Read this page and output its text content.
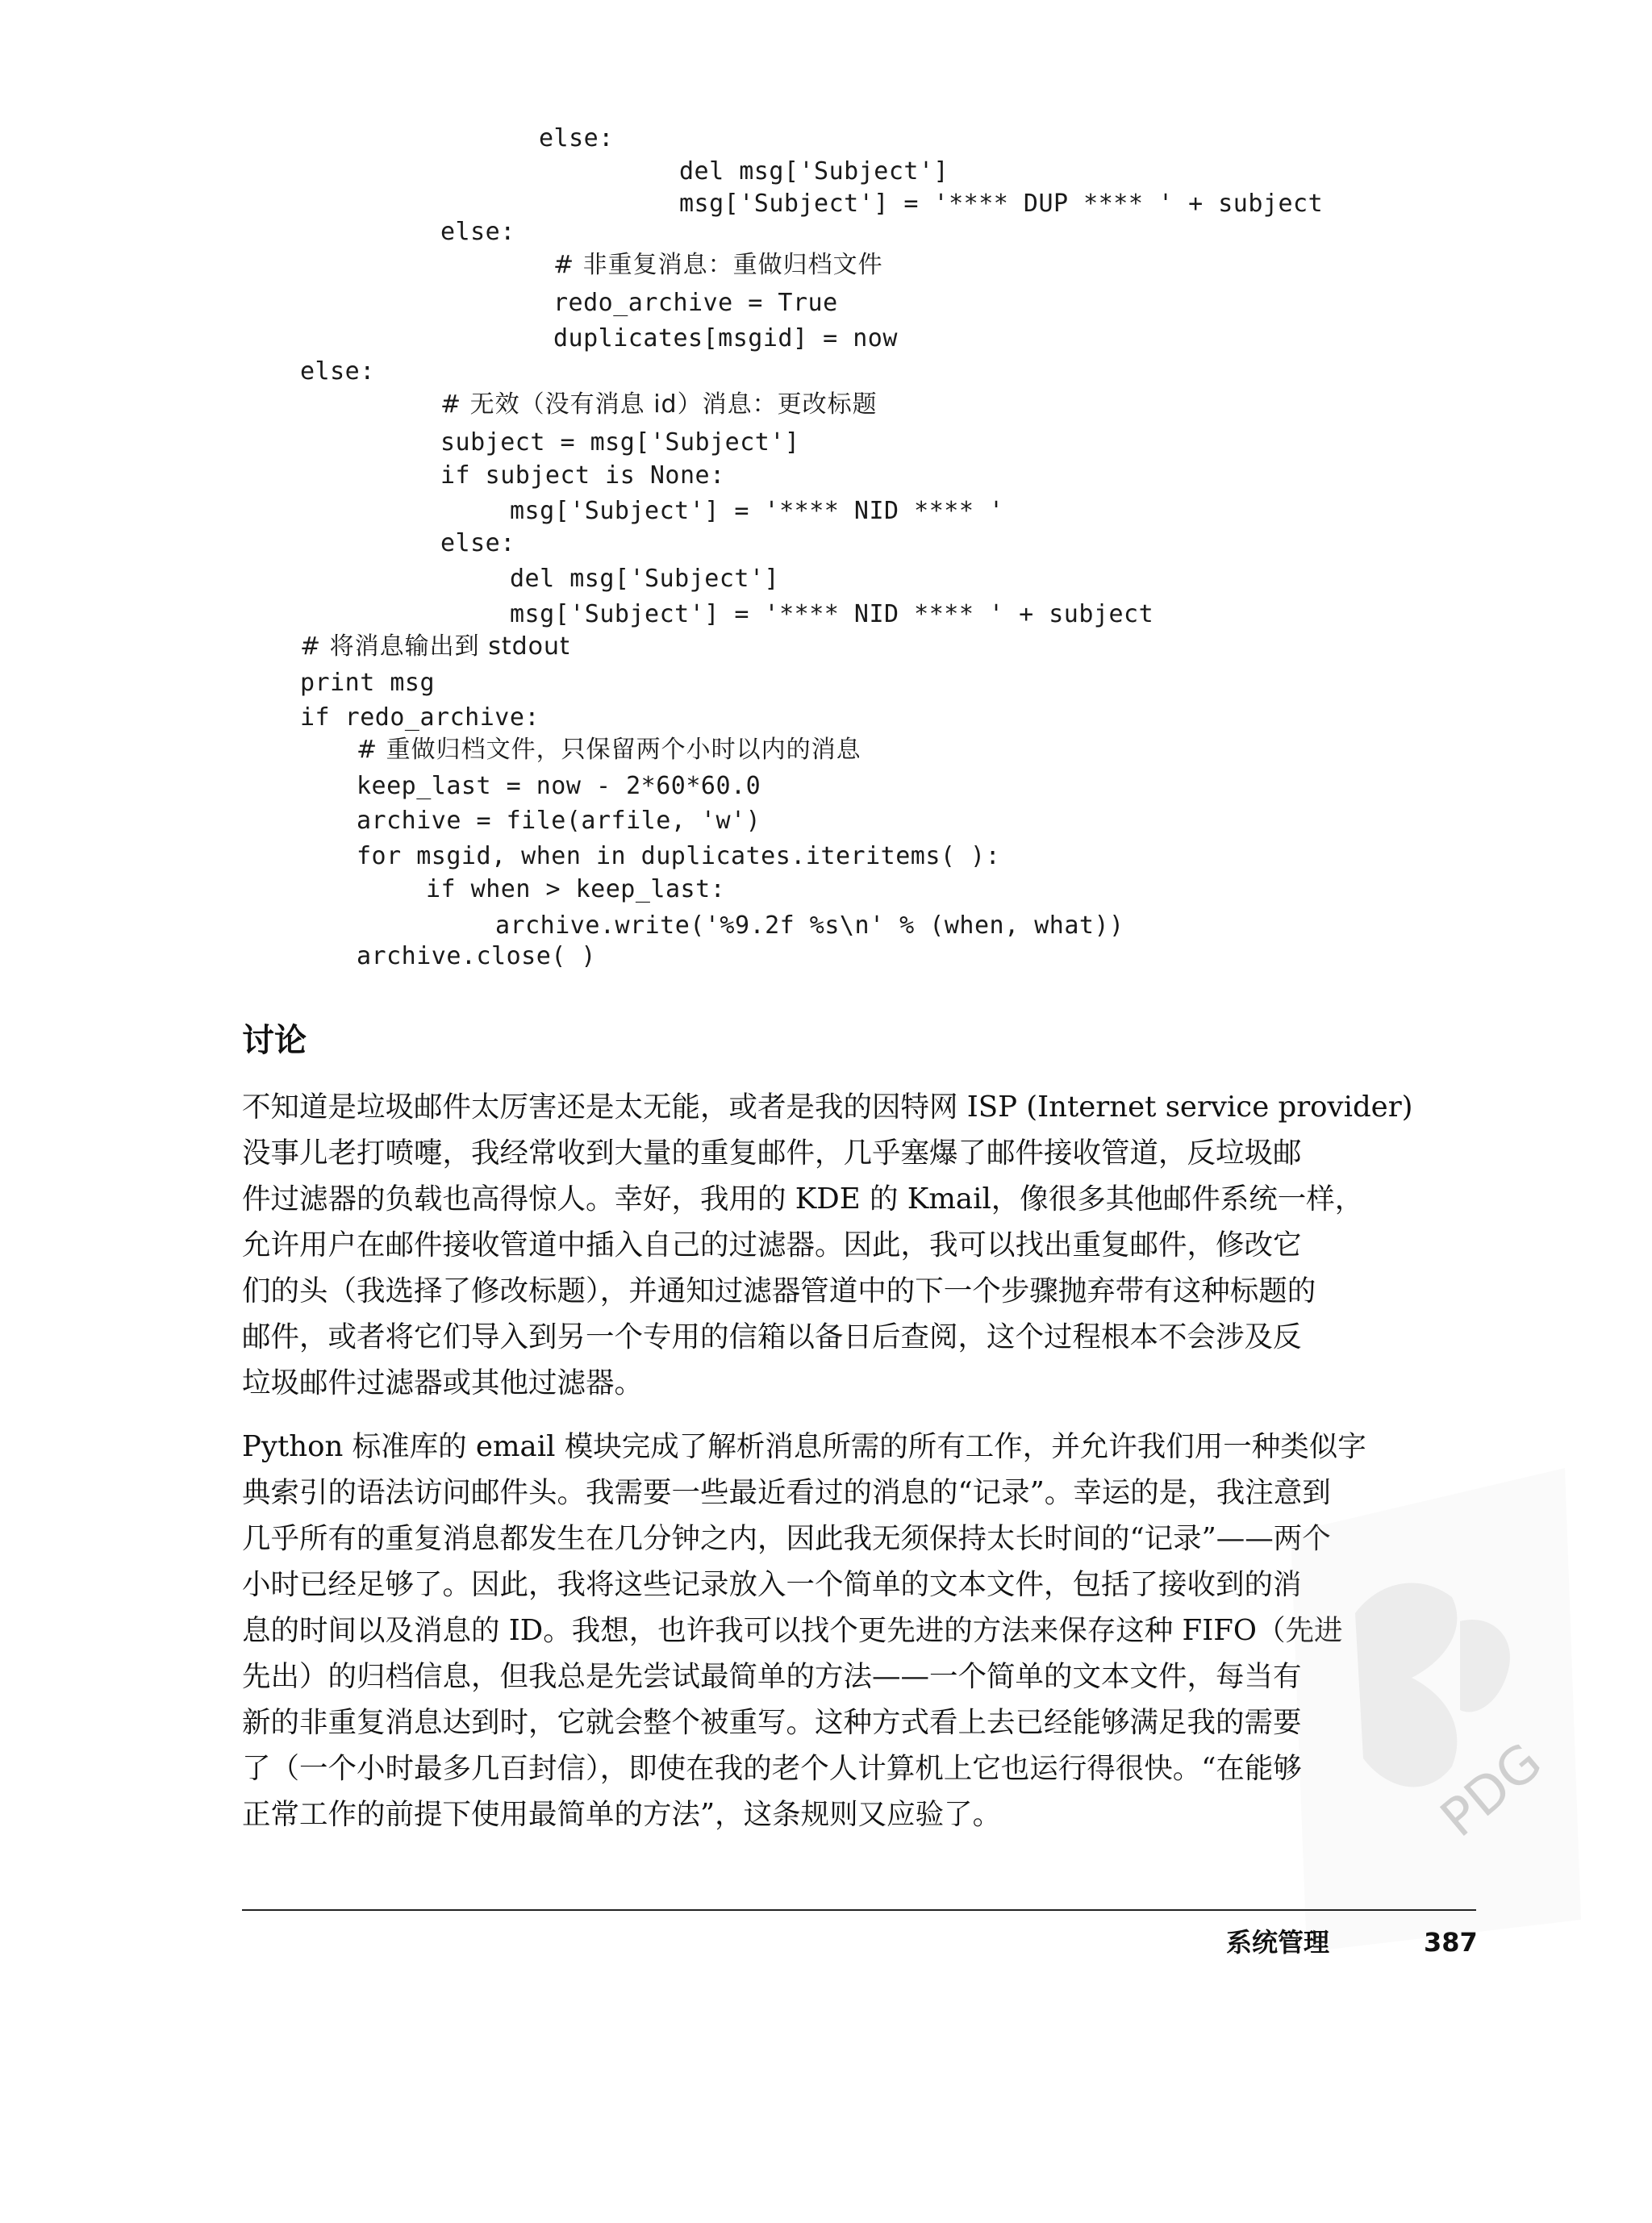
else:
del msg['Subject']
msg['Subject'] = '**** DUP **** ' + subject
else:
# 非重复消息：重做归档文件
redo_archive = True
duplicates[msgid] = now
else:
# 无效（没有消息 id）消息：更改标题
subject = msg['Subject']
if subject is None:
msg['Subject'] = '**** NID **** '
else:
del msg['Subject']
msg['Subject'] = '**** NID **** ' + subject
# 将消息输出到 stdout
print msg
if redo_archive:
# 重做归档文件，只保留两个小时以内的消息
keep_last = now - 2*60*60.0
archive = file(arfile, 'w')
for msgid, when in duplicates.iteritems( ):
if when > keep_last:
archive.write('%9.2f %s\n' % (when, what))
archive.close( )
讨论
不知道是垃圾邮件太厉害还是太无能，或者是我的因特网 ISP (Internet service provider)
没事儿老打喷嚏，我经常收到大量的重复邮件，几乎塞爆了邮件接收管道，反垃圾邮
件过滤器的负载也高得惊人。幸好，我用的 KDE 的 Kmail，像很多其他邮件系统一样，
允许用户在邮件接收管道中插入自己的过滤器。因此，我可以找出重复邮件，修改它
们的头（我选择了修改标题），并通知过滤器管道中的下一个步骤抛弃带有这种标题的
邮件，或者将它们导入到另一个专用的信箱以备日后查阅，这个过程根本不会涉及反
垃圾邮件过滤器或其他过滤器。
Python 标准库的 email 模块完成了解析消息所需的所有工作，并允许我们用一种类似字
典索引的语法访问邮件头。我需要一些最近看过的消息的“记录”。幸运的是，我注意到
几乎所有的重复消息都发生在几分钟之内，因此我无须保持太长时间的“记录”——两个
小时已经足够了。因此，我将这些记录放入一个简单的文本文件，包括了接收到的消
息的时间以及消息的 ID。我想，也许我可以找个更先进的方法来保存这种 FIFO（先进
先出）的归档信息，但我总是先尝试最简单的方法——一个简单的文本文件，每当有
新的非重复消息达到时，它就会整个被重写。这种方式看上去已经能够满足我的需要
了（一个小时最多几百封信），即使在我的老个人计算机上它也运行得很快。“在能够
正常工作的前提下使用最简单的方法”，这条规则又应验了。	PDG
系统管理	387
